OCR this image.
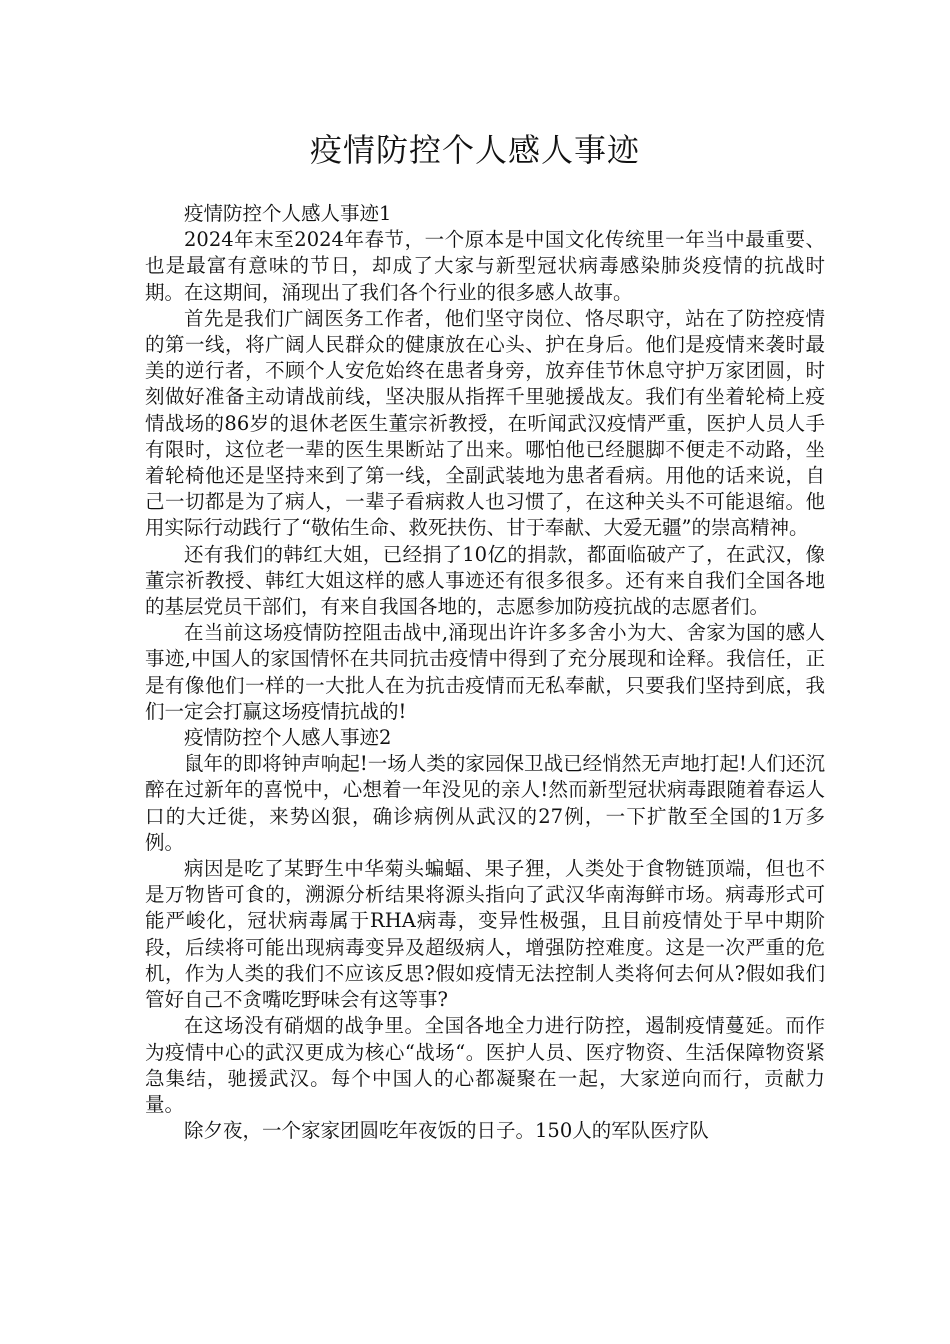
疫情防控个人感人事迹

疫情防控个人感人事迹1

2024年末至2024年春节，一个原本是中国文化传统里一年当中最重要、也是最富有意味的节日，却成了大家与新型冠状病毒感染肺炎疫情的抗战时期。在这期间，涌现出了我们各个行业的很多感人故事。

首先是我们广阔医务工作者，他们坚守岗位、恪尽职守，站在了防控疫情的第一线，将广阔人民群众的健康放在心头、护在身后。他们是疫情来袭时最美的逆行者，不顾个人安危始终在患者身旁，放弃佳节休息守护万家团圆，时刻做好准备主动请战前线，坚决服从指挥千里驰援战友。我们有坐着轮椅上疫情战场的86岁的退休老医生董宗祈教授，在听闻武汉疫情严重，医护人员人手有限时，这位老一辈的医生果断站了出来。哪怕他已经腿脚不便走不动路，坐着轮椅他还是坚持来到了第一线，全副武装地为患者看病。用他的话来说，自己一切都是为了病人，一辈子看病救人也习惯了，在这种关头不可能退缩。他用实际行动践行了“敬佑生命、救死扶伤、甘于奉献、大爱无疆”的崇高精神。

还有我们的韩红大姐，已经捐了10亿的捐款，都面临破产了，在武汉，像董宗祈教授、韩红大姐这样的感人事迹还有很多很多。还有来自我们全国各地的基层党员干部们，有来自我国各地的，志愿参加防疫抗战的志愿者们。

在当前这场疫情防控阻击战中,涌现出许许多多舍小为大、舍家为国的感人事迹,中国人的家国情怀在共同抗击疫情中得到了充分展现和诠释。我信任，正是有像他们一样的一大批人在为抗击疫情而无私奉献，只要我们坚持到底，我们一定会打赢这场疫情抗战的!

疫情防控个人感人事迹2

鼠年的即将钟声响起!一场人类的家园保卫战已经悄然无声地打起!人们还沉醉在过新年的喜悦中，心想着一年没见的亲人!然而新型冠状病毒跟随着春运人口的大迁徙，来势凶狠，确诊病例从武汉的27例，一下扩散至全国的1万多例。

病因是吃了某野生中华菊头蝙蝠、果子狸，人类处于食物链顶端，但也不是万物皆可食的，溯源分析结果将源头指向了武汉华南海鲜市场。病毒形式可能严峻化，冠状病毒属于RHA病毒，变异性极强，且目前疫情处于早中期阶段，后续将可能出现病毒变异及超级病人，增强防控难度。这是一次严重的危机，作为人类的我们不应该反思?假如疫情无法控制人类将何去何从?假如我们管好自己不贪嘴吃野味会有这等事?

在这场没有硝烟的战争里。全国各地全力进行防控，遏制疫情蔓延。而作为疫情中心的武汉更成为核心“战场“。医护人员、医疗物资、生活保障物资紧急集结，驰援武汉。每个中国人的心都凝聚在一起，大家逆向而行，贡献力量。

除夕夜，一个家家团圆吃年夜饭的日子。150人的军队医疗队
